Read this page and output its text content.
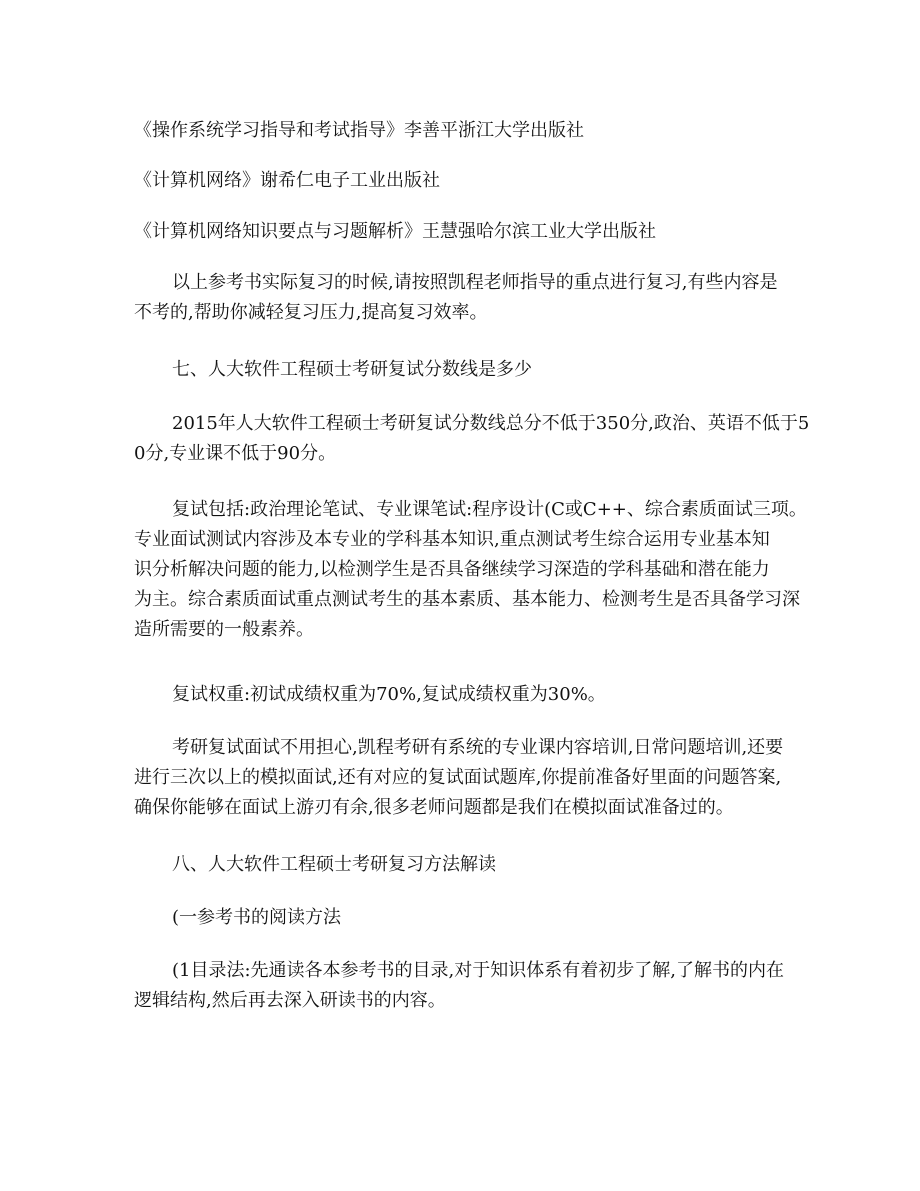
《操作系统学习指导和考试指导》李善平浙江大学出版社
《计算机网络》谢希仁电子工业出版社
《计算机网络知识要点与习题解析》王慧强哈尔滨工业大学出版社
以上参考书实际复习的时候,请按照凯程老师指导的重点进行复习,有些内容是
不考的,帮助你减轻复习压力,提高复习效率。
七、人大软件工程硕士考研复试分数线是多少
2015年人大软件工程硕士考研复试分数线总分不低于350分,政治、英语不低于5
0分,专业课不低于90分。
复试包括:政治理论笔试、专业课笔试:程序设计(C或C++、综合素质面试三项。
专业面试测试内容涉及本专业的学科基本知识,重点测试考生综合运用专业基本知
识分析解决问题的能力,以检测学生是否具备继续学习深造的学科基础和潜在能力
为主。综合素质面试重点测试考生的基本素质、基本能力、检测考生是否具备学习深
造所需要的一般素养。
复试权重:初试成绩权重为70%,复试成绩权重为30%。
考研复试面试不用担心,凯程考研有系统的专业课内容培训,日常问题培训,还要
进行三次以上的模拟面试,还有对应的复试面试题库,你提前准备好里面的问题答案,
确保你能够在面试上游刃有余,很多老师问题都是我们在模拟面试准备过的。
八、人大软件工程硕士考研复习方法解读
(一参考书的阅读方法
(1目录法:先通读各本参考书的目录,对于知识体系有着初步了解,了解书的内在
逻辑结构,然后再去深入研读书的内容。
